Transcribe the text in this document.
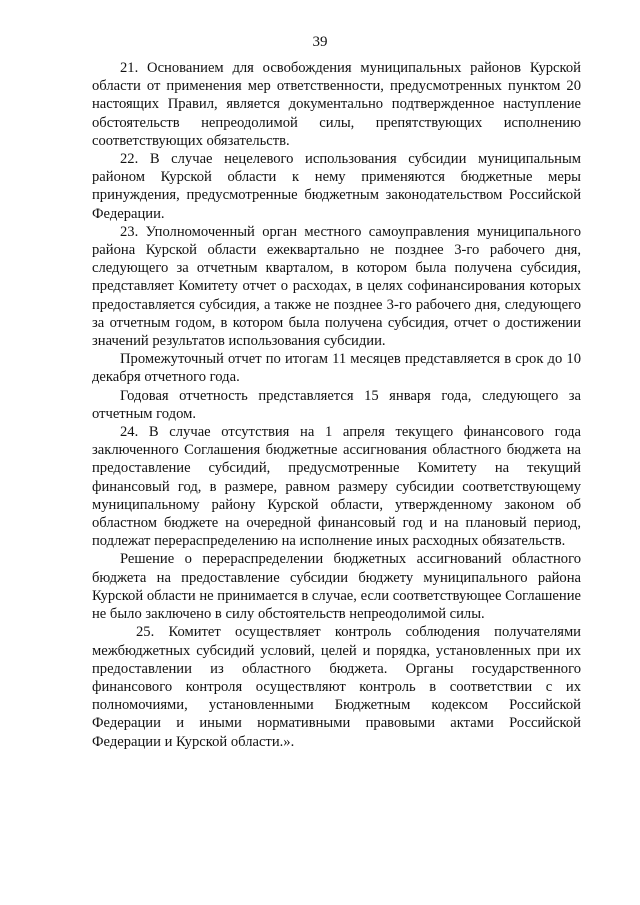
39

21. Основанием для освобождения муниципальных районов Курской области от применения мер ответственности, предусмотренных пунктом 20 настоящих Правил, является документально подтвержденное наступление обстоятельств непреодолимой силы, препятствующих исполнению соответствующих обязательств.

22. В случае нецелевого использования субсидии муниципальным районом Курской области к нему применяются бюджетные меры принуждения, предусмотренные бюджетным законодательством Российской Федерации.

23. Уполномоченный орган местного самоуправления муниципального района Курской области ежеквартально не позднее 3-го рабочего дня, следующего за отчетным кварталом, в котором была получена субсидия, представляет Комитету отчет о расходах, в целях софинансирования которых предоставляется субсидия, а также не позднее 3-го рабочего дня, следующего за отчетным годом, в котором была получена субсидия, отчет о достижении значений результатов использования субсидии.

Промежуточный отчет по итогам 11 месяцев представляется в срок до 10 декабря отчетного года.

Годовая отчетность представляется 15 января года, следующего за отчетным годом.

24. В случае отсутствия на 1 апреля текущего финансового года заключенного Соглашения бюджетные ассигнования областного бюджета на предоставление субсидий, предусмотренные Комитету на текущий финансовый год, в размере, равном размеру субсидии соответствующему муниципальному району Курской области, утвержденному законом об областном бюджете на очередной финансовый год и на плановый период, подлежат перераспределению на исполнение иных расходных обязательств.

Решение о перераспределении бюджетных ассигнований областного бюджета на предоставление субсидии бюджету муниципального района Курской области не принимается в случае, если соответствующее Соглашение не было заключено в силу обстоятельств непреодолимой силы.

25. Комитет осуществляет контроль соблюдения получателями межбюджетных субсидий условий, целей и порядка, установленных при их предоставлении из областного бюджета. Органы государственного финансового контроля осуществляют контроль в соответствии с их полномочиями, установленными Бюджетным кодексом Российской Федерации и иными нормативными правовыми актами Российской Федерации и Курской области.».
